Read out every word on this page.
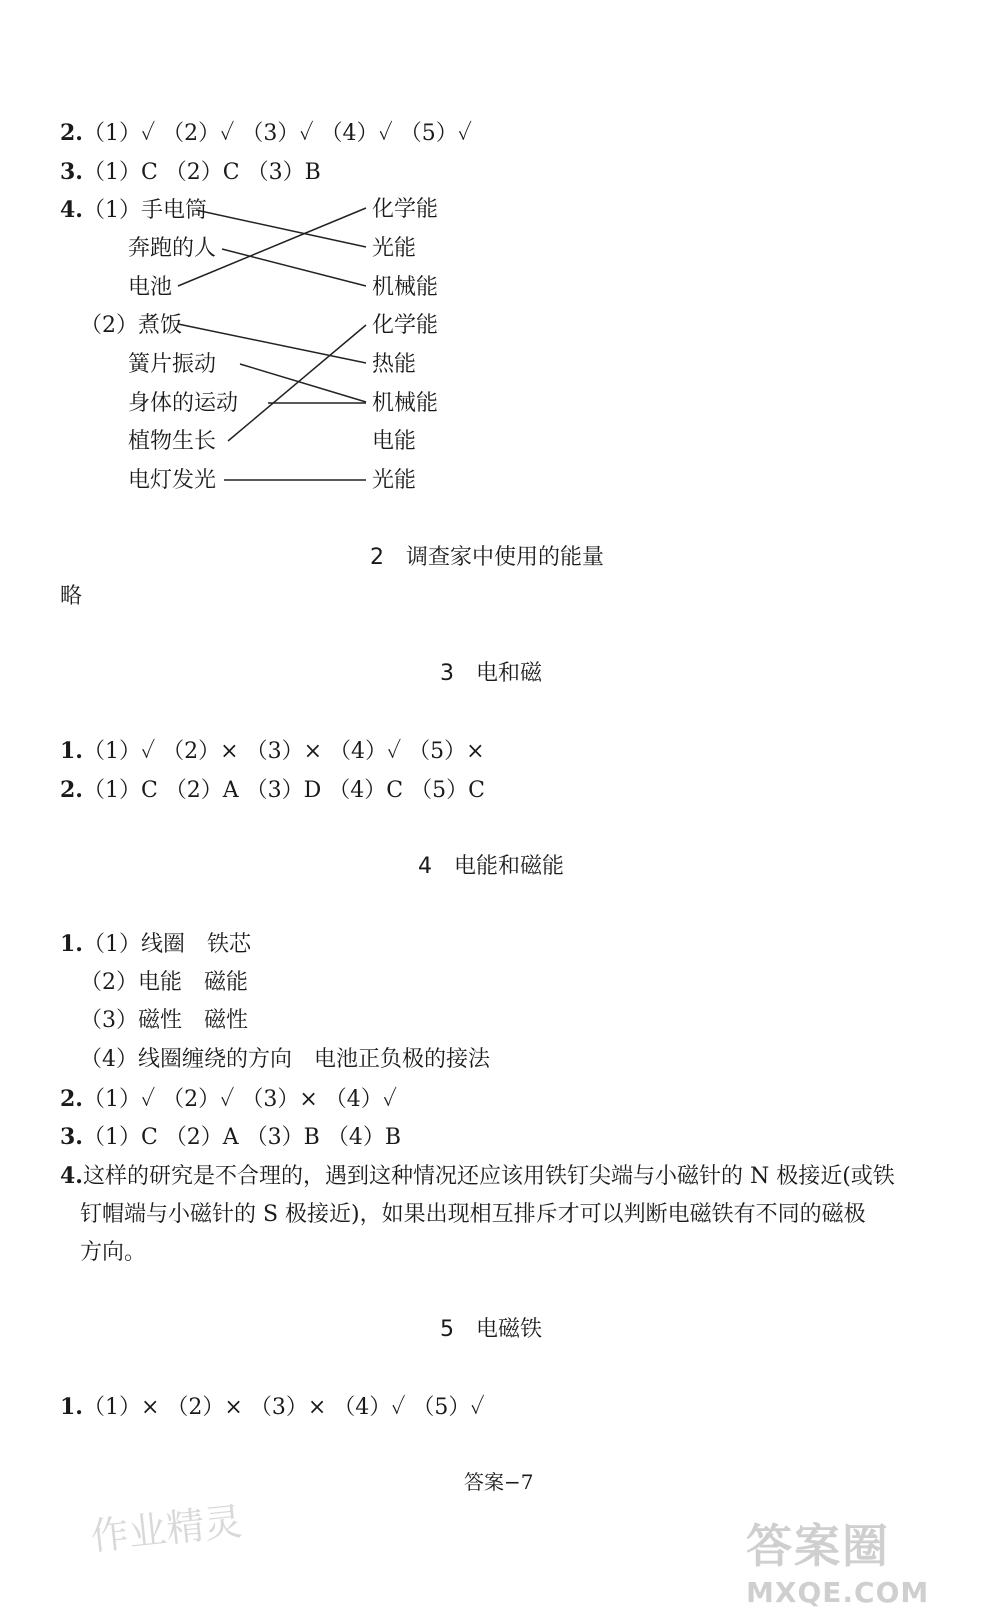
2.（1）✓ （2）✓ （3）✓ （4）✓ （5）✓
3.（1）C （2）C （3）B
4.（1）手电筒
奔跑的人
电池
化学能
光能
机械能
（2）煮饭
簧片振动
身体的运动
植物生长
电灯发光
化学能
热能
机械能
电能
光能
2　调查家中使用的能量
略
3　电和磁
1.（1）✓ （2）× （3）× （4）✓ （5）×
2.（1）C （2）A （3）D （4）C （5）C
4　电能和磁能
1.（1）线圈　铁芯
（2）电能　磁能
（3）磁性　磁性
（4）线圈缠绕的方向　电池正负极的接法
2.（1）✓ （2）✓ （3）× （4）✓
3.（1）C （2）A （3）B （4）B
4.这样的研究是不合理的，遇到这种情况还应该用铁钉尖端与小磁针的 N 极接近(或铁
钉帽端与小磁针的 S 极接近)，如果出现相互排斥才可以判断电磁铁有不同的磁极
方向。
5　电磁铁
1.（1）× （2）× （3）× （4）✓ （5）✓
答案−7
作业精灵	答案圈
MXQE.COM
